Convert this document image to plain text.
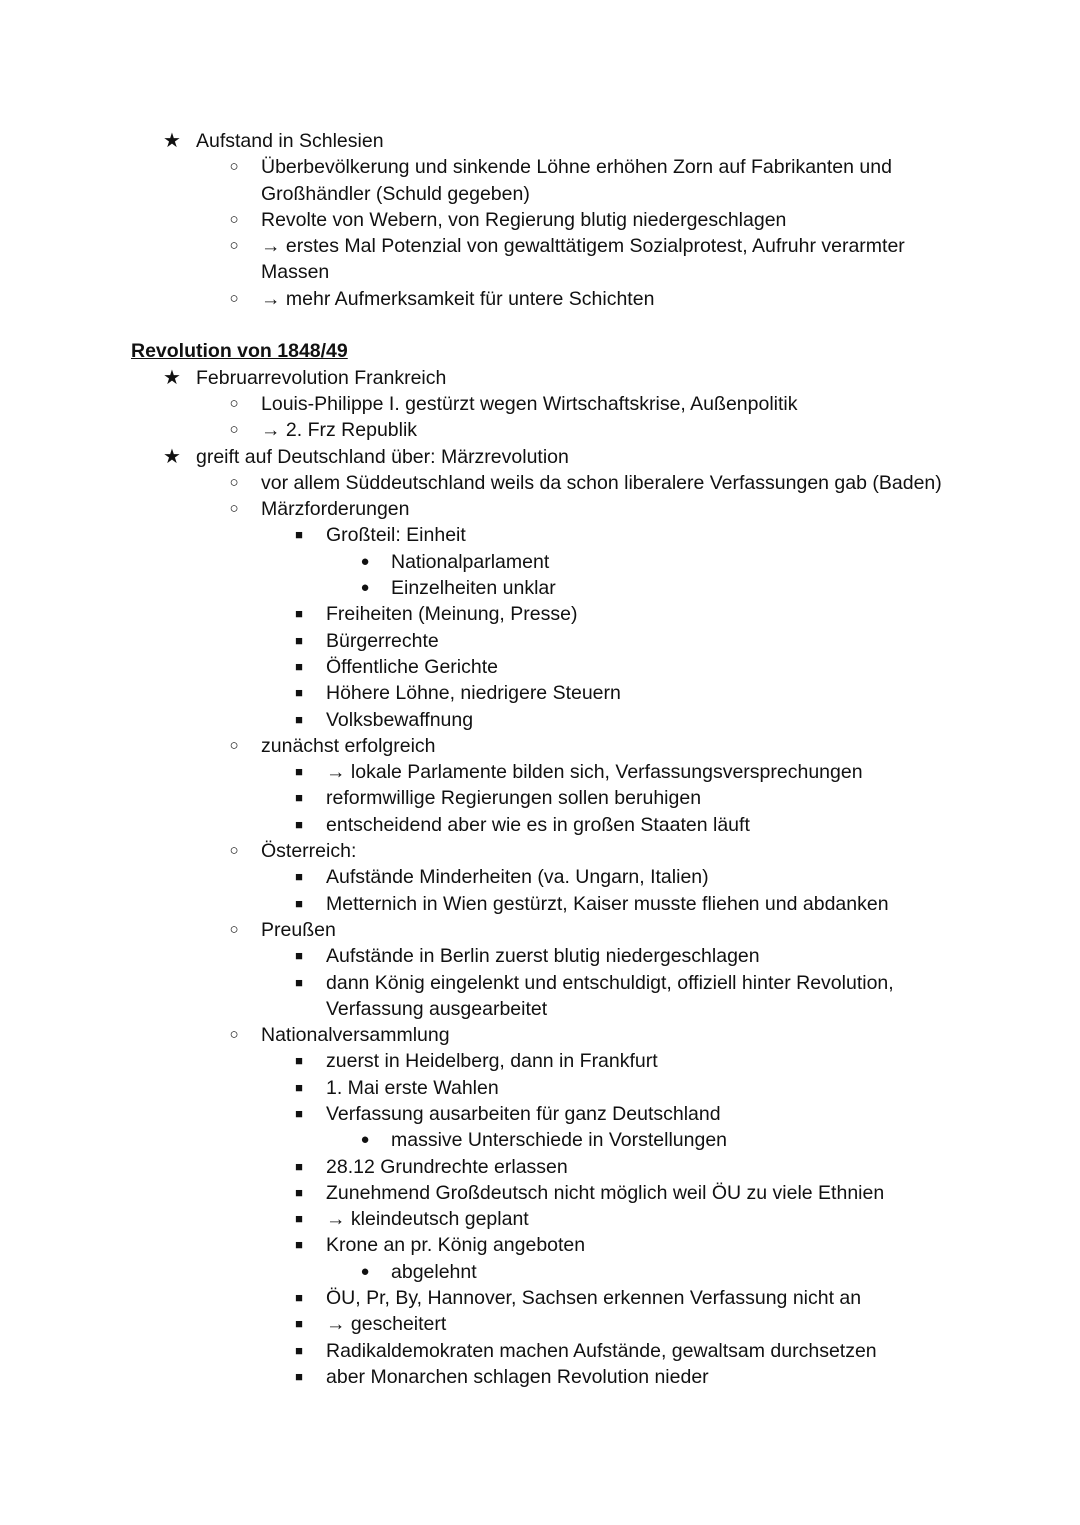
★ Aufstand in Schlesien
○	Überbevölkerung und sinkende Löhne erhöhen Zorn auf Fabrikanten und
Großhändler (Schuld gegeben)
○	Revolte von Webern, von Regierung blutig niedergeschlagen
○	→ erstes Mal Potenzial von gewalttätigem Sozialprotest, Aufruhr verarmter
Massen
○	→ mehr Aufmerksamkeit für untere Schichten
Revolution von 1848/49
★ Februarrevolution Frankreich
○	Louis-Philippe I. gestürzt wegen Wirtschaftskrise, Außenpolitik
○	→ 2. Frz Republik
★ greift auf Deutschland über: Märzrevolution
○	vor allem Süddeutschland weils da schon liberalere Verfassungen gab (Baden)
○	Märzforderungen
■	Großteil: Einheit
●	Nationalparlament
●	Einzelheiten unklar
■	Freiheiten (Meinung, Presse)
■	Bürgerrechte
■	Öffentliche Gerichte
■	Höhere Löhne, niedrigere Steuern
■	Volksbewaffnung
○	zunächst erfolgreich
■	→ lokale Parlamente bilden sich, Verfassungsversprechungen
■	reformwillige Regierungen sollen beruhigen
■	entscheidend aber wie es in großen Staaten läuft
○	Österreich:
■	Aufstände Minderheiten (va. Ungarn, Italien)
■	Metternich in Wien gestürzt, Kaiser musste fliehen und abdanken
○	Preußen
■	Aufstände in Berlin zuerst blutig niedergeschlagen
■	dann König eingelenkt und entschuldigt, offiziell hinter Revolution,
Verfassung ausgearbeitet
○	Nationalversammlung
■	zuerst in Heidelberg, dann in Frankfurt
■	1. Mai erste Wahlen
■	Verfassung ausarbeiten für ganz Deutschland
●	massive Unterschiede in Vorstellungen
■	28.12 Grundrechte erlassen
■	Zunehmend Großdeutsch nicht möglich weil ÖU zu viele Ethnien
■	→ kleindeutsch geplant
■	Krone an pr. König angeboten
●	abgelehnt
■	ÖU, Pr, By, Hannover, Sachsen erkennen Verfassung nicht an
■	→ gescheitert
■	Radikaldemokraten machen Aufstände, gewaltsam durchsetzen
■	aber Monarchen schlagen Revolution nieder
